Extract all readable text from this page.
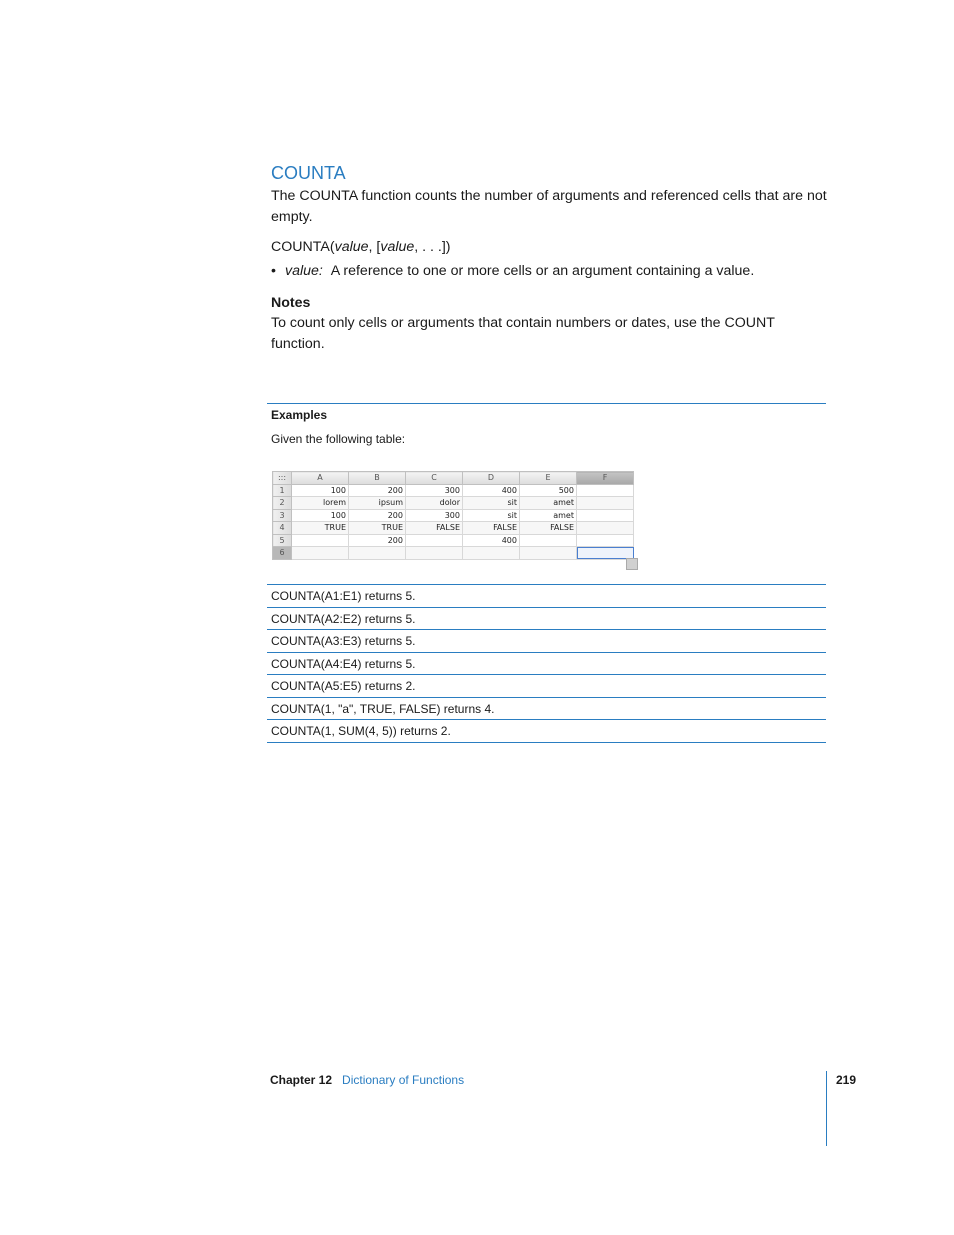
COUNTA

The COUNTA function counts the number of arguments and referenced cells that are not empty.

COUNTA(value, [value, . . .])
• value: A reference to one or more cells or an argument containing a value.
Notes

To count only cells or arguments that contain numbers or dates, use the COUNT function.

Examples
Given the following table:
:::	A	B	C	D	E	F
1	100	200	300	400	500	
2	lorem	ipsum	dolor	sit	amet	
3	100	200	300	sit	amet	
4	TRUE	TRUE	FALSE	FALSE	FALSE	
5		200		400		
6						
COUNTA(A1:E1) returns 5.
COUNTA(A2:E2) returns 5.
COUNTA(A3:E3) returns 5.
COUNTA(A4:E4) returns 5.
COUNTA(A5:E5) returns 2.
COUNTA(1, "a", TRUE, FALSE) returns 4.
COUNTA(1, SUM(4, 5)) returns 2.
Chapter 12 Dictionary of Functions	219
